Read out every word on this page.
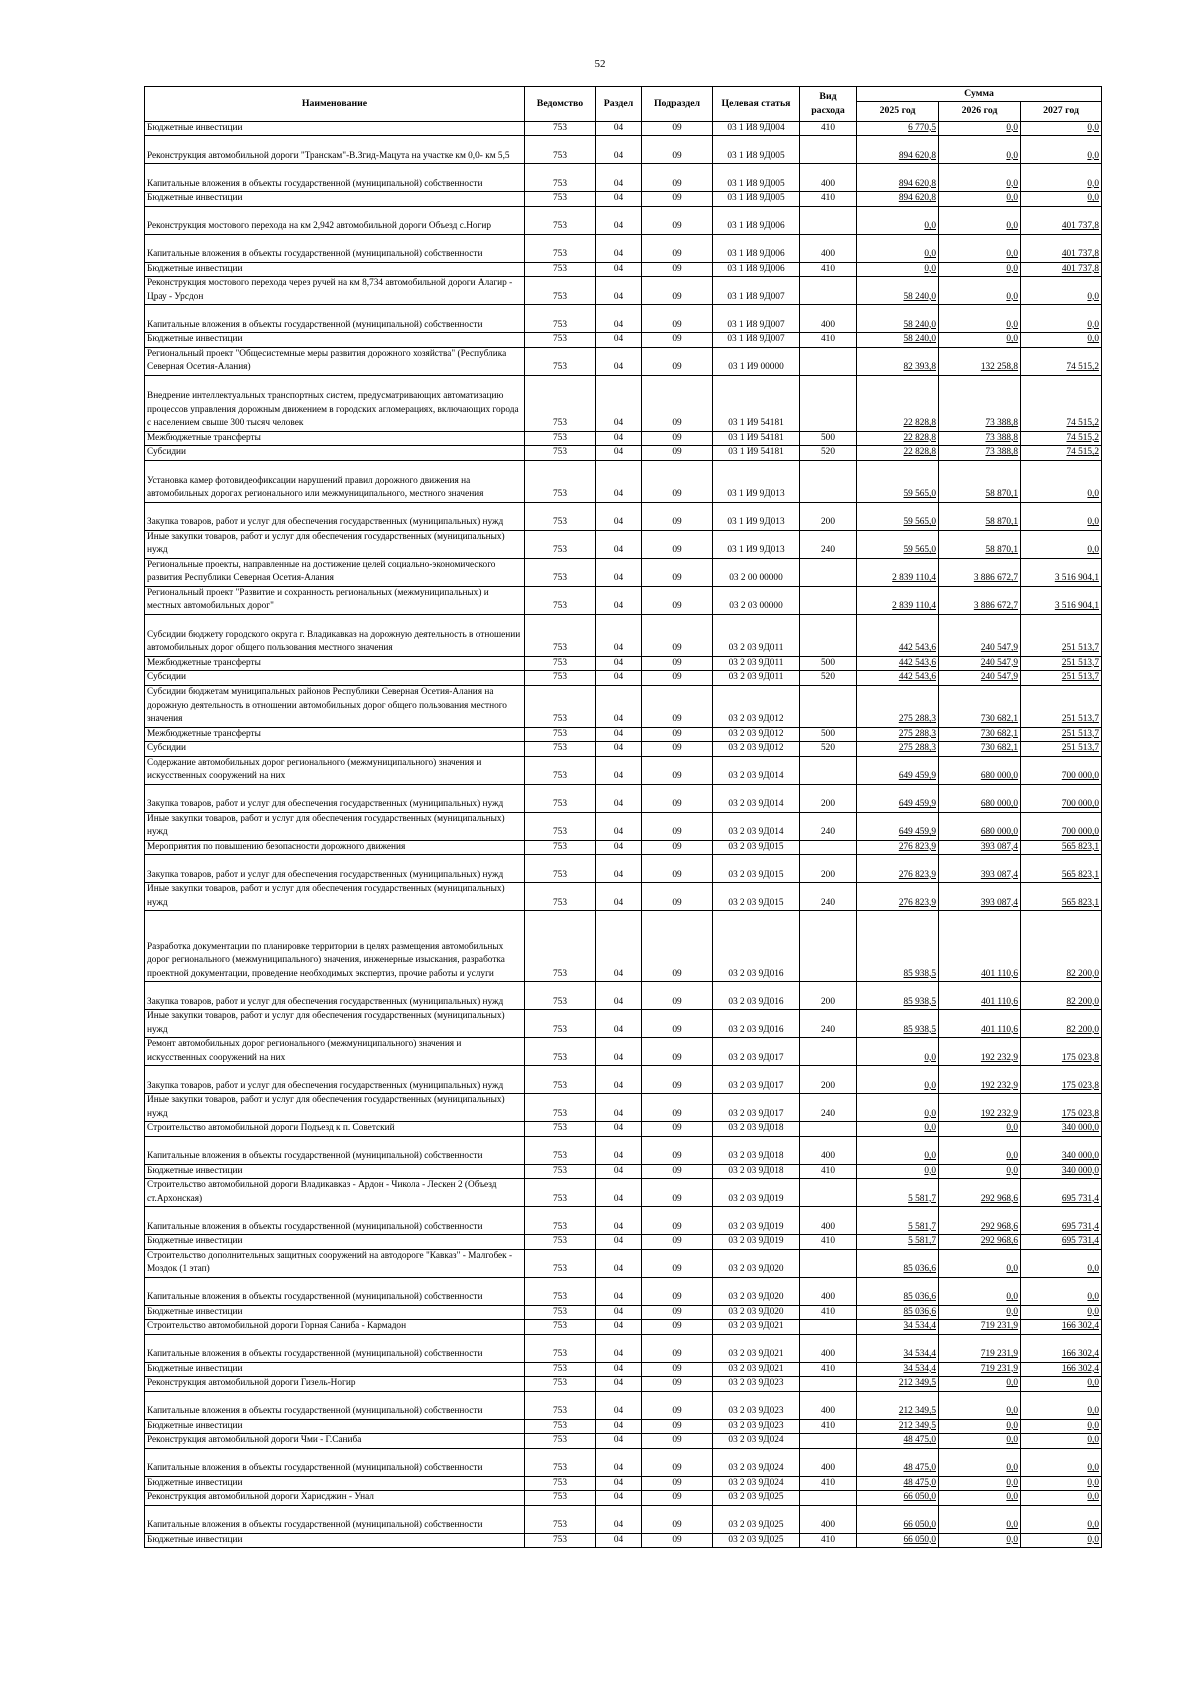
52
Наименование	Ведомство	Раздел	Подраздел	Целевая статья	Вид расхода	Сумма		
						2025 год	2026 год	2027 год
Бюджетные инвестиции	753	04	09	03 1 И8 9Д004	410	6 770,5	0,0	0,0
Реконструкция автомобильной дороги "Транскам"-В.Згид-Мацута на участке км 0,0- км 5,5	753	04	09	03 1 И8 9Д005		894 620,8	0,0	0,0
Капитальные вложения в объекты государственной (муниципальной) собственности	753	04	09	03 1 И8 9Д005	400	894 620,8	0,0	0,0
Бюджетные инвестиции	753	04	09	03 1 И8 9Д005	410	894 620,8	0,0	0,0
Реконструкция мостового перехода на км 2,942 автомобильной дороги Объезд с.Ногир	753	04	09	03 1 И8 9Д006		0,0	0,0	401 737,8
Капитальные вложения в объекты государственной (муниципальной) собственности	753	04	09	03 1 И8 9Д006	400	0,0	0,0	401 737,8
Бюджетные инвестиции	753	04	09	03 1 И8 9Д006	410	0,0	0,0	401 737,8
Реконструкция мостового перехода через ручей на км 8,734 автомобильной дороги Алагир - Црау - Урсдон	753	04	09	03 1 И8 9Д007		58 240,0	0,0	0,0
Капитальные вложения в объекты государственной (муниципальной) собственности	753	04	09	03 1 И8 9Д007	400	58 240,0	0,0	0,0
Бюджетные инвестиции	753	04	09	03 1 И8 9Д007	410	58 240,0	0,0	0,0
Региональный проект "Общесистемные меры развития дорожного хозяйства" (Республика Северная Осетия-Алания)	753	04	09	03 1 И9 00000		82 393,8	132 258,8	74 515,2
Внедрение интеллектуальных транспортных систем, предусматривающих автоматизацию процессов управления дорожным движением в городских агломерациях, включающих города с населением свыше 300 тысяч человек	753	04	09	03 1 И9 54181		22 828,8	73 388,8	74 515,2
Межбюджетные трансферты	753	04	09	03 1 И9 54181	500	22 828,8	73 388,8	74 515,2
Субсидии	753	04	09	03 1 И9 54181	520	22 828,8	73 388,8	74 515,2
Установка камер фотовидеофиксации нарушений правил дорожного движения на автомобильных дорогах регионального или межмуниципального, местного значения	753	04	09	03 1 И9 9Д013		59 565,0	58 870,1	0,0
Закупка товаров, работ и услуг для обеспечения государственных (муниципальных) нужд	753	04	09	03 1 И9 9Д013	200	59 565,0	58 870,1	0,0
Иные закупки товаров, работ и услуг для обеспечения государственных (муниципальных) нужд	753	04	09	03 1 И9 9Д013	240	59 565,0	58 870,1	0,0
Региональные проекты, направленные на достижение целей социально-экономического развития Республики Северная Осетия-Алания	753	04	09	03 2 00 00000		2 839 110,4	3 886 672,7	3 516 904,1
Региональный проект "Развитие и сохранность региональных (межмуниципальных) и местных автомобильных дорог"	753	04	09	03 2 03 00000		2 839 110,4	3 886 672,7	3 516 904,1
Субсидии бюджету городского округа г. Владикавказ на дорожную деятельность в отношении автомобильных дорог общего пользования местного значения	753	04	09	03 2 03 9Д011		442 543,6	240 547,9	251 513,7
Межбюджетные трансферты	753	04	09	03 2 03 9Д011	500	442 543,6	240 547,9	251 513,7
Субсидии	753	04	09	03 2 03 9Д011	520	442 543,6	240 547,9	251 513,7
Субсидии бюджетам муниципальных районов Республики Северная Осетия-Алания на дорожную деятельность в отношении автомобильных дорог общего пользования местного значения	753	04	09	03 2 03 9Д012		275 288,3	730 682,1	251 513,7
Межбюджетные трансферты	753	04	09	03 2 03 9Д012	500	275 288,3	730 682,1	251 513,7
Субсидии	753	04	09	03 2 03 9Д012	520	275 288,3	730 682,1	251 513,7
Содержание автомобильных дорог регионального (межмуниципального) значения и искусственных сооружений на них	753	04	09	03 2 03 9Д014		649 459,9	680 000,0	700 000,0
Закупка товаров, работ и услуг для обеспечения государственных (муниципальных) нужд	753	04	09	03 2 03 9Д014	200	649 459,9	680 000,0	700 000,0
Иные закупки товаров, работ и услуг для обеспечения государственных (муниципальных) нужд	753	04	09	03 2 03 9Д014	240	649 459,9	680 000,0	700 000,0
Мероприятия по повышению безопасности дорожного движения	753	04	09	03 2 03 9Д015		276 823,9	393 087,4	565 823,1
Закупка товаров, работ и услуг для обеспечения государственных (муниципальных) нужд	753	04	09	03 2 03 9Д015	200	276 823,9	393 087,4	565 823,1
Иные закупки товаров, работ и услуг для обеспечения государственных (муниципальных) нужд	753	04	09	03 2 03 9Д015	240	276 823,9	393 087,4	565 823,1
Разработка документации по планировке территории в целях размещения автомобильных дорог регионального (межмуниципального) значения, инженерные изыскания, разработка проектной документации, проведение необходимых экспертиз, прочие работы и услуги	753	04	09	03 2 03 9Д016		85 938,5	401 110,6	82 200,0
Закупка товаров, работ и услуг для обеспечения государственных (муниципальных) нужд	753	04	09	03 2 03 9Д016	200	85 938,5	401 110,6	82 200,0
Иные закупки товаров, работ и услуг для обеспечения государственных (муниципальных) нужд	753	04	09	03 2 03 9Д016	240	85 938,5	401 110,6	82 200,0
Ремонт автомобильных дорог регионального (межмуниципального) значения и искусственных сооружений на них	753	04	09	03 2 03 9Д017		0,0	192 232,9	175 023,8
Закупка товаров, работ и услуг для обеспечения государственных (муниципальных) нужд	753	04	09	03 2 03 9Д017	200	0,0	192 232,9	175 023,8
Иные закупки товаров, работ и услуг для обеспечения государственных (муниципальных) нужд	753	04	09	03 2 03 9Д017	240	0,0	192 232,9	175 023,8
Строительство автомобильной дороги Подъезд к п. Советский	753	04	09	03 2 03 9Д018		0,0	0,0	340 000,0
Капитальные вложения в объекты государственной (муниципальной) собственности	753	04	09	03 2 03 9Д018	400	0,0	0,0	340 000,0
Бюджетные инвестиции	753	04	09	03 2 03 9Д018	410	0,0	0,0	340 000,0
Строительство автомобильной дороги Владикавказ - Ардон - Чикола - Лескен 2 (Объезд ст.Архонская)	753	04	09	03 2 03 9Д019		5 581,7	292 968,6	695 731,4
Капитальные вложения в объекты государственной (муниципальной) собственности	753	04	09	03 2 03 9Д019	400	5 581,7	292 968,6	695 731,4
Бюджетные инвестиции	753	04	09	03 2 03 9Д019	410	5 581,7	292 968,6	695 731,4
Строительство дополнительных защитных сооружений на автодороге "Кавказ" - Малгобек - Моздок (1 этап)	753	04	09	03 2 03 9Д020		85 036,6	0,0	0,0
Капитальные вложения в объекты государственной (муниципальной) собственности	753	04	09	03 2 03 9Д020	400	85 036,6	0,0	0,0
Бюджетные инвестиции	753	04	09	03 2 03 9Д020	410	85 036,6	0,0	0,0
Строительство автомобильной дороги Горная Саниба - Кармадон	753	04	09	03 2 03 9Д021		34 534,4	719 231,9	166 302,4
Капитальные вложения в объекты государственной (муниципальной) собственности	753	04	09	03 2 03 9Д021	400	34 534,4	719 231,9	166 302,4
Бюджетные инвестиции	753	04	09	03 2 03 9Д021	410	34 534,4	719 231,9	166 302,4
Реконструкция автомобильной дороги Гизель-Ногир	753	04	09	03 2 03 9Д023		212 349,5	0,0	0,0
Капитальные вложения в объекты государственной (муниципальной) собственности	753	04	09	03 2 03 9Д023	400	212 349,5	0,0	0,0
Бюджетные инвестиции	753	04	09	03 2 03 9Д023	410	212 349,5	0,0	0,0
Реконструкция автомобильной дороги Чми - Г.Саниба	753	04	09	03 2 03 9Д024		48 475,0	0,0	0,0
Капитальные вложения в объекты государственной (муниципальной) собственности	753	04	09	03 2 03 9Д024	400	48 475,0	0,0	0,0
Бюджетные инвестиции	753	04	09	03 2 03 9Д024	410	48 475,0	0,0	0,0
Реконструкция автомобильной дороги Харисджин - Унал	753	04	09	03 2 03 9Д025		66 050,0	0,0	0,0
Капитальные вложения в объекты государственной (муниципальной) собственности	753	04	09	03 2 03 9Д025	400	66 050,0	0,0	0,0
Бюджетные инвестиции	753	04	09	03 2 03 9Д025	410	66 050,0	0,0	0,0
